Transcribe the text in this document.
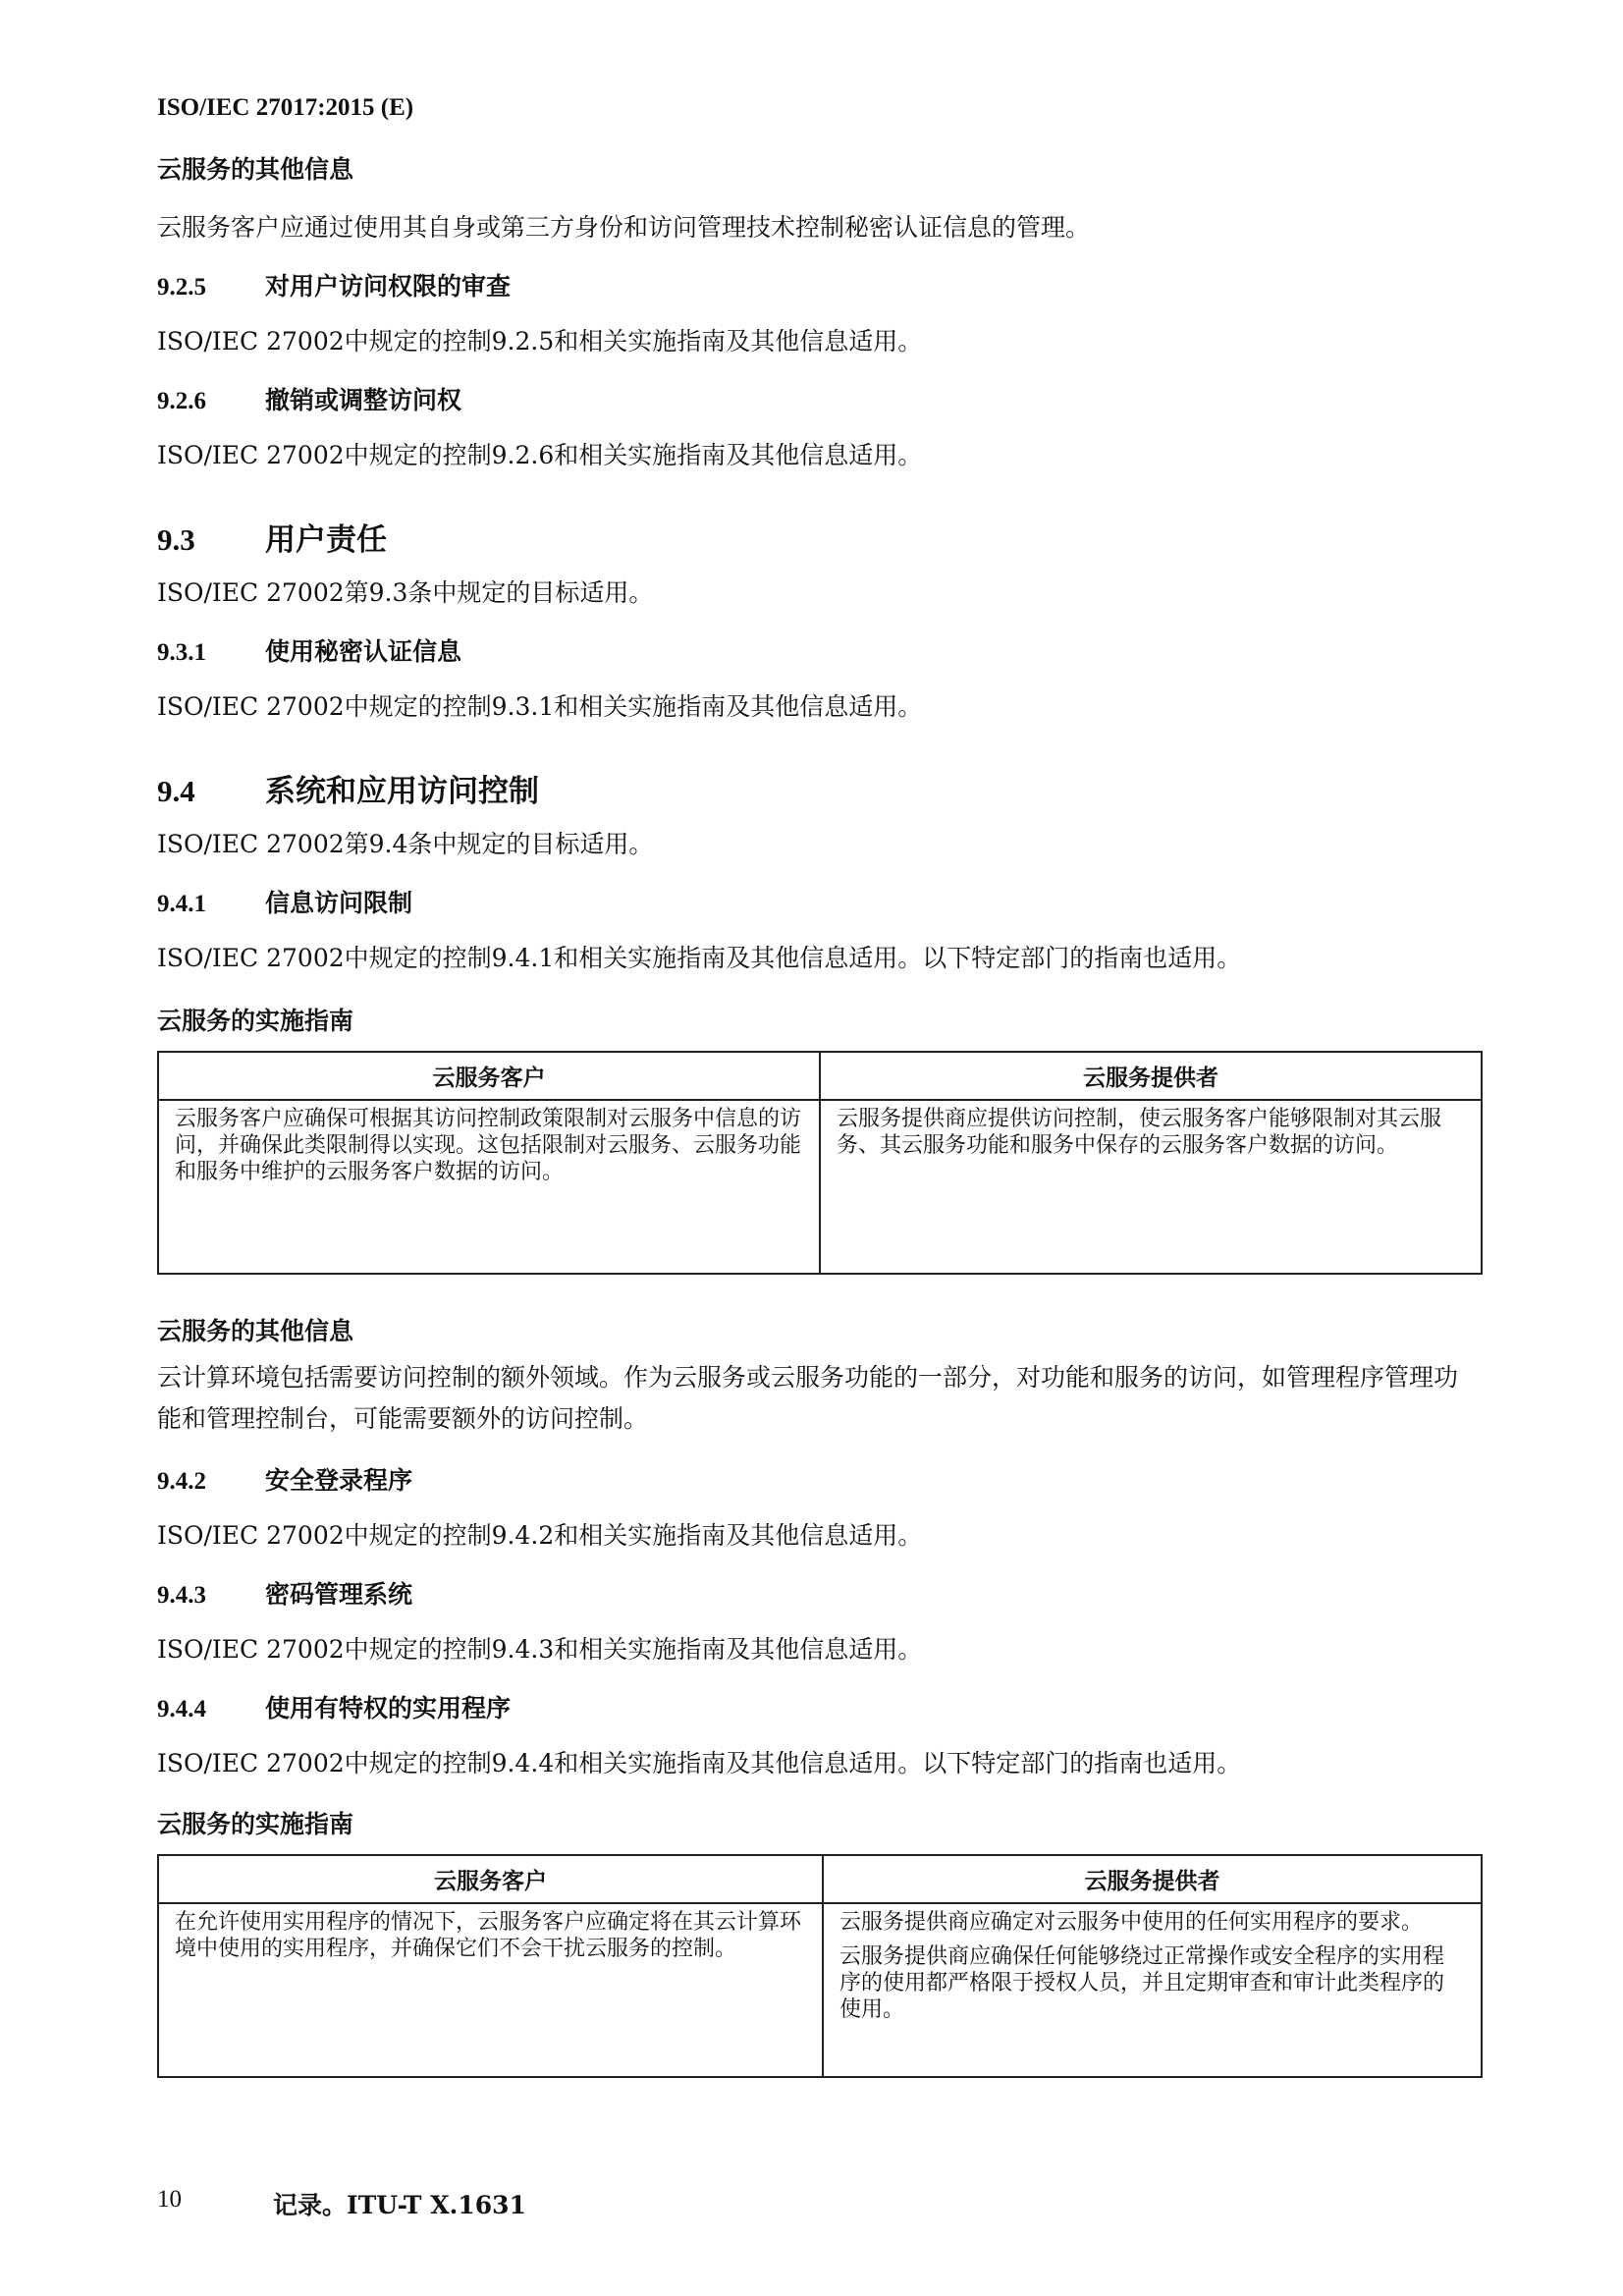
ISO/IEC 27017:2015 (E)
云服务的其他信息
云服务客户应通过使用其自身或第三方身份和访问管理技术控制秘密认证信息的管理。
9.2.5 对用户访问权限的审查
ISO/IEC 27002中规定的控制9.2.5和相关实施指南及其他信息适用。
9.2.6 撤销或调整访问权
ISO/IEC 27002中规定的控制9.2.6和相关实施指南及其他信息适用。
9.3 用户责任
ISO/IEC 27002第9.3条中规定的目标适用。
9.3.1 使用秘密认证信息
ISO/IEC 27002中规定的控制9.3.1和相关实施指南及其他信息适用。
9.4 系统和应用访问控制
ISO/IEC 27002第9.4条中规定的目标适用。
9.4.1 信息访问限制
ISO/IEC 27002中规定的控制9.4.1和相关实施指南及其他信息适用。以下特定部门的指南也适用。
云服务的实施指南
云服务客户	云服务提供者

云服务客户应确保可根据其访问控制政策限制对云服务中信息的访问，并确保此类限制得以实现。这包括限制对云服务、云服务功能和服务中维护的云服务客户数据的访问。	云服务提供商应提供访问控制，使云服务客户能够限制对其云服务、其云服务功能和服务中保存的云服务客户数据的访问。

云服务的其他信息
云计算环境包括需要访问控制的额外领域。作为云服务或云服务功能的一部分，对功能和服务的访问，如管理程序管理功能和管理控制台，可能需要额外的访问控制。
9.4.2 安全登录程序
ISO/IEC 27002中规定的控制9.4.2和相关实施指南及其他信息适用。
9.4.3 密码管理系统
ISO/IEC 27002中规定的控制9.4.3和相关实施指南及其他信息适用。
9.4.4 使用有特权的实用程序
ISO/IEC 27002中规定的控制9.4.4和相关实施指南及其他信息适用。以下特定部门的指南也适用。
云服务的实施指南
云服务客户	云服务提供者

在允许使用实用程序的情况下，云服务客户应确定将在其云计算环境中使用的实用程序，并确保它们不会干扰云服务的控制。	云服务提供商应确定对云服务中使用的任何实用程序的要求。

云服务提供商应确保任何能够绕过正常操作或安全程序的实用程序的使用都严格限于授权人员，并且定期审查和审计此类程序的使用。

10	记录。ITU-T X.1631
